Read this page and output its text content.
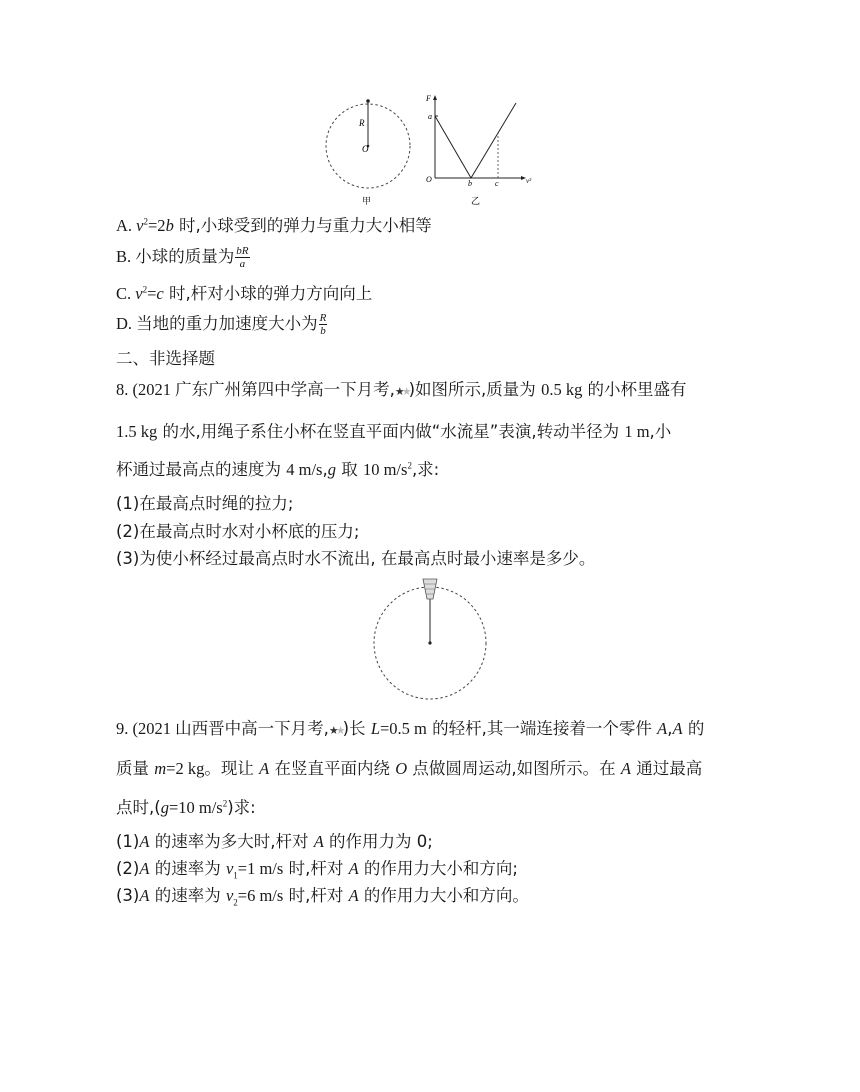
R
O
甲
F
v²
a
O	b	c
乙
A. $v^2=2b$ 时,小球受到的弹力与重力大小相等
B. 小球的质量为 $\frac{bR}{a}$
C. $v^2=c$ 时,杆对小球的弹力方向向上
D. 当地的重力加速度大小为 $\frac{R}{b}$
二、非选择题
8. (2021 广东广州第四中学高一下月考,★★)如图所示,质量为 0.5 kg 的小杯里盛有
1.5 kg 的水,用绳子系住小杯在竖直平面内做“水流星”表演,转动半径为 1 m,小
杯通过最高点的速度为 4 m/s,g 取 10 $m/s^2$,求:
(1)在最高点时绳的拉力;
(2)在最高点时水对小杯底的压力;
(3)为使小杯经过最高点时水不流出, 在最高点时最小速率是多少。
9. (2021 山西晋中高一下月考,★★)长 L=0.5 m 的轻杆,其一端连接着一个零件 A,A 的
质量 m=2 kg。现让 A 在竖直平面内绕 O 点做圆周运动,如图所示。在 A 通过最高
点时,(g=10 $m/s^2$)求:
(1)A 的速率为多大时,杆对 A 的作用力为 0;
(2)A 的速率为 $v_1=1$ m/s 时,杆对 A 的作用力大小和方向;
(3)A 的速率为 $v_2=6$ m/s 时,杆对 A 的作用力大小和方向。
